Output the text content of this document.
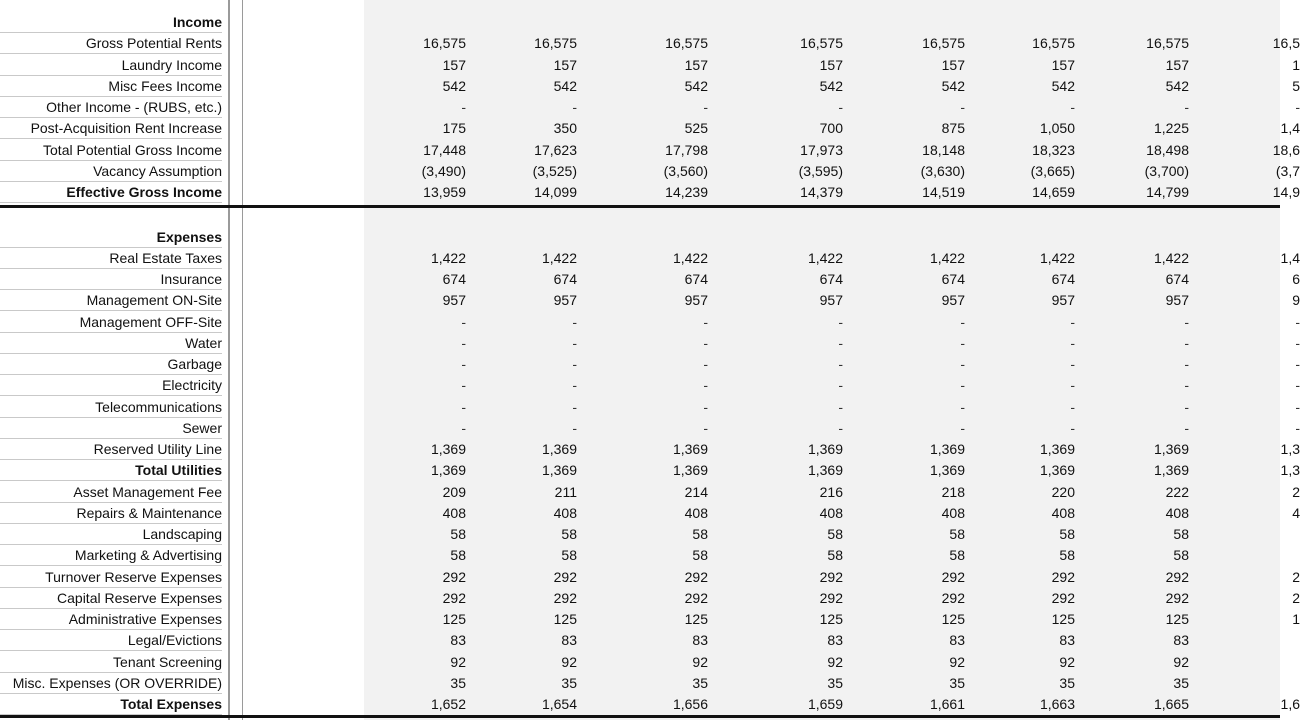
Income
Gross Potential Rents	16,575	16,575	16,575	16,575	16,575	16,575	16,575	16,5
Laundry Income	157	157	157	157	157	157	157	1
Misc Fees Income	542	542	542	542	542	542	542	5
Other Income - (RUBS, etc.)	-	-	-	-	-	-	-	-
Post-Acquisition Rent Increase	175	350	525	700	875	1,050	1,225	1,4
Total Potential Gross Income	17,448	17,623	17,798	17,973	18,148	18,323	18,498	18,6
Vacancy Assumption	(3,490)	(3,525)	(3,560)	(3,595)	(3,630)	(3,665)	(3,700)	(3,7
Effective Gross Income	13,959	14,099	14,239	14,379	14,519	14,659	14,799	14,9
Expenses
Real Estate Taxes	1,422	1,422	1,422	1,422	1,422	1,422	1,422	1,4
Insurance	674	674	674	674	674	674	674	6
Management ON-Site	957	957	957	957	957	957	957	9
Management OFF-Site	-	-	-	-	-	-	-	-
Water	-	-	-	-	-	-	-	-
Garbage	-	-	-	-	-	-	-	-
Electricity	-	-	-	-	-	-	-	-
Telecommunications	-	-	-	-	-	-	-	-
Sewer	-	-	-	-	-	-	-	-
Reserved Utility Line	1,369	1,369	1,369	1,369	1,369	1,369	1,369	1,3
Total Utilities	1,369	1,369	1,369	1,369	1,369	1,369	1,369	1,3
Asset Management Fee	209	211	214	216	218	220	222	2
Repairs & Maintenance	408	408	408	408	408	408	408	4
Landscaping	58	58	58	58	58	58	58
Marketing & Advertising	58	58	58	58	58	58	58
Turnover Reserve Expenses	292	292	292	292	292	292	292	2
Capital Reserve Expenses	292	292	292	292	292	292	292	2
Administrative Expenses	125	125	125	125	125	125	125	1
Legal/Evictions	83	83	83	83	83	83	83
Tenant Screening	92	92	92	92	92	92	92
Misc. Expenses (OR OVERRIDE)	35	35	35	35	35	35	35
Total Expenses	1,652	1,654	1,656	1,659	1,661	1,663	1,665	1,6
